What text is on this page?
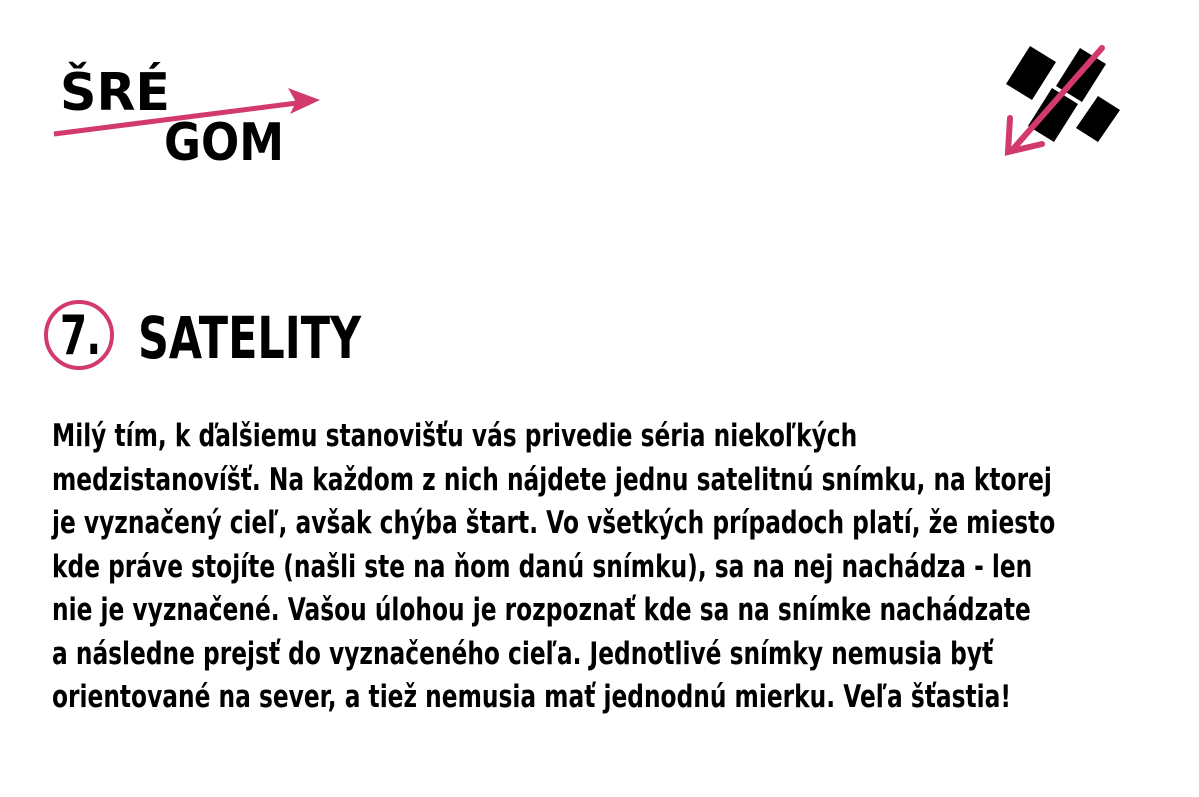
ŠRÉ
GOM
7. SATELITY

Milý tím, k ďalšiemu stanovišťu vás privedie séria niekoľkých
medzistanovíšť. Na každom z nich nájdete jednu satelitnú snímku, na ktorej
je vyznačený cieľ, avšak chýba štart. Vo všetkých prípadoch platí, že miesto
kde práve stojíte (našli ste na ňom danú snímku), sa na nej nachádza - len
nie je vyznačené. Vašou úlohou je rozpoznať kde sa na snímke nachádzate
a následne prejsť do vyznačeného cieľa. Jednotlivé snímky nemusia byť
orientované na sever, a tiež nemusia mať jednodnú mierku. Veľa šťastia!
